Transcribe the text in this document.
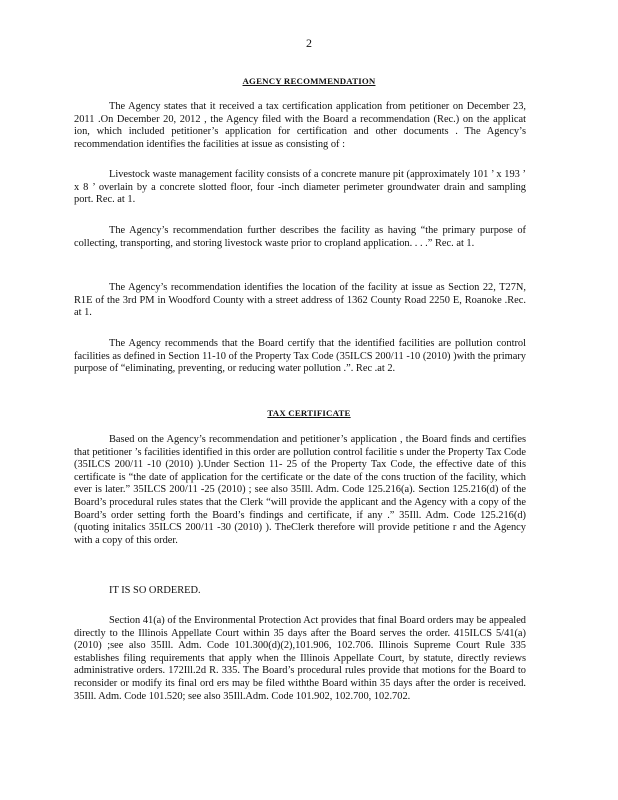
2
AGENCY RECOMMENDATION
The Agency states that it received a tax certification application from petitioner on December 23, 2011 .On December 20, 2012 , the Agency filed with the Board a recommendation (Rec.) on the applicat ion, which included petitioner’s application for certification and other documents . The Agency’s recommendation identifies the facilities at issue as consisting of :
Livestock waste management facility consists of a concrete manure pit (approximately 101 ’ x 193 ’ x 8 ’ overlain by a concrete slotted floor, four -inch diameter perimeter groundwater drain and sampling port. Rec. at 1.
The Agency’s recommendation further describes the facility as having “the primary purpose of collecting, transporting, and storing livestock waste prior to cropland application. . . .” Rec. at 1.
The Agency’s recommendation identifies the location of the facility at issue as Section 22, T27N, R1E of the 3rd PM in Woodford County with a street address of 1362 County Road 2250 E, Roanoke .Rec. at 1.
The Agency recommends that the Board certify that the identified facilities are pollution control facilities as defined in Section 11-10 of the Property Tax Code (35ILCS 200/11 -10 (2010) )with the primary purpose of “eliminating, preventing, or reducing water pollution .”. Rec .at 2.
TAX CERTIFICATE
Based on the Agency’s recommendation and petitioner’s application , the Board finds and certifies that petitioner ’s facilities identified in this order are pollution control facilitie s under the Property Tax Code (35ILCS 200/11 -10 (2010) ).Under Section 11- 25 of the Property Tax Code, the effective date of this certificate is “the date of application for the certificate or the date of the cons truction of the facility, which ever is later.” 35ILCS 200/11 -25 (2010) ; see also 35Ill. Adm. Code 125.216(a). Section 125.216(d) of the Board’s procedural rules states that the Clerk “will provide the applicant and the Agency with a copy of the Board’s order setting forth the Board’s findings and certificate, if any .” 35Ill. Adm. Code 125.216(d) (quoting initalics 35ILCS 200/11 -30 (2010) ). TheClerk therefore will provide petitione r and the Agency with a copy of this order.
IT IS SO ORDERED.
Section 41(a) of the Environmental Protection Act provides that final Board orders may be appealed directly to the Illinois Appellate Court within 35 days after the Board serves the order. 415ILCS 5/41(a) (2010) ;see also 35Ill. Adm. Code 101.300(d)(2),101.906, 102.706. Illinois Supreme Court Rule 335 establishes filing requirements that apply when the Illinois Appellate Court, by statute, directly reviews administrative orders. 172Ill.2d R. 335. The Board’s procedural rules provide that motions for the Board to reconsider or modify its final ord ers may be filed withthe Board within 35 days after the order is received. 35Ill. Adm. Code 101.520; see also 35Ill.Adm. Code 101.902, 102.700, 102.702.
